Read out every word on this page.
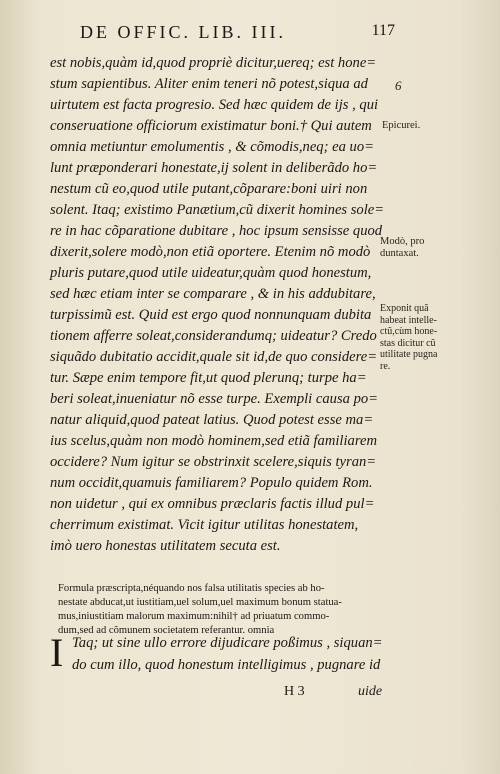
DE OFFIC. LIB. III.	117
est nobis,quàm id,quod propriè dicitur,uereq; est hone=
stum sapientibus. Aliter enim teneri nõ potest,siqua ad
uirtutem est facta progresio. Sed hæc quidem de ijs , qui
conseruatione officiorum existimatur boni.† Qui autem
omnia metiuntur emolumentis , & cõmodis,neq; ea uo=
lunt præponderari honestate,ij solent in deliberãdo ho=
nestum cũ eo,quod utile putant,cõparare:boni uiri non
solent. Itaq; existimo Panætium,cũ dixerit homines sole=
re in hac cõparatione dubitare , hoc ipsum sensisse quod
dixerit,solere modò,non etiã oportere. Etenim nõ modò
pluris putare,quod utile uideatur,quàm quod honestum,
sed hæc etiam inter se comparare , & in his addubitare,
turpissimũ est. Quid est ergo quod nonnunquam dubita
tionem afferre soleat,considerandumq; uideatur? Credo
siquãdo dubitatio accidit,quale sit id,de quo considere=
tur. Sæpe enim tempore fit,ut quod plerunq; turpe ha=
beri soleat,inueniatur nõ esse turpe. Exempli causa po=
natur aliquid,quod pateat latius. Quod potest esse ma=
ius scelus,quàm non modò hominem,sed etiã familiarem
occidere? Num igitur se obstrinxit scelere,siquis tyran=
num occidit,quamuis familiarem? Populo quidem Rom.
non uidetur , qui ex omnibus præclaris factis illud pul=
cherrimum existimat. Vicit igitur utilitas honestatem,
imò uero honestas utilitatem secuta est.
6
Epicurei.
Modò, pro
duntaxat.
Exponit quã
habeat intelle-
ctũ,cùm hone-
stas dicitur cũ
utilitate pugna
re.
Formula præscripta,néquando nos falsa utilitatis species ab ho-
nestate abducat,ut iustitiam,uel solum,uel maximum bonum statua-
mus,iniustitiam malorum maximum:nihil† ad priuatum commo-
dum,sed ad cõmunem societatem referantur. omnia
I Taq; ut sine ullo errore dijudicare poßimus , siquan=
do cum illo, quod honestum intelligimus , pugnare id
H 3	uide
